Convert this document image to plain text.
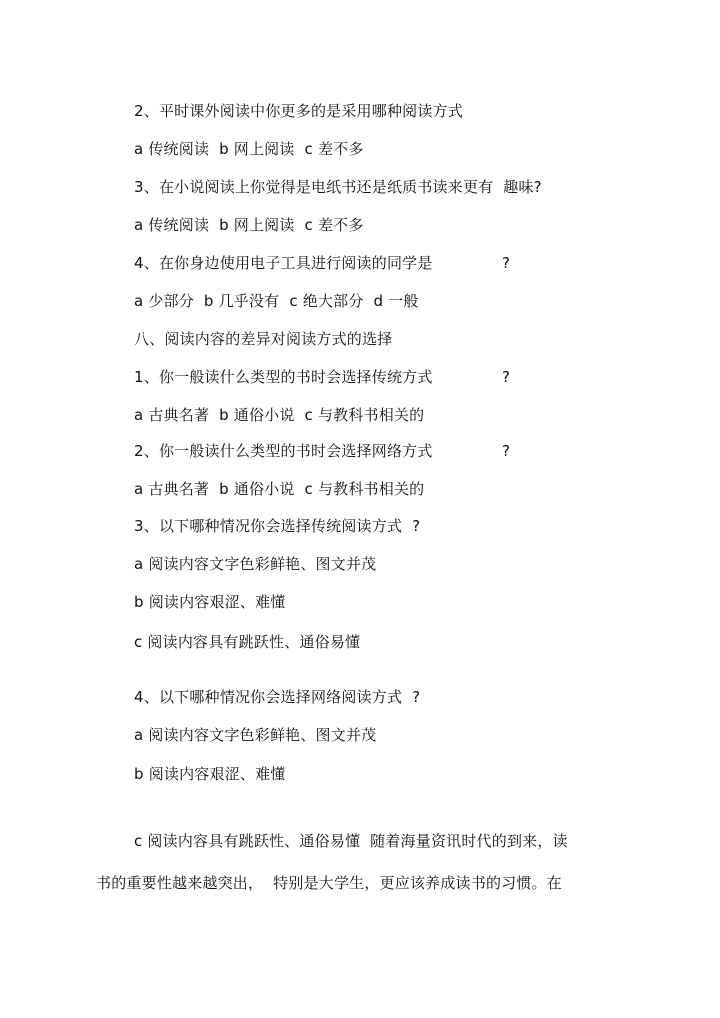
2、平时课外阅读中你更多的是采用哪种阅读方式
a 传统阅读  b 网上阅读  c 差不多
3、在小说阅读上你觉得是电纸书还是纸质书读来更有  趣味?
a 传统阅读  b 网上阅读  c 差不多
4、在你身边使用电子工具进行阅读的同学是	?
a 少部分  b 几乎没有  c 绝大部分  d 一般
八、阅读内容的差异对阅读方式的选择
1、你一般读什么类型的书时会选择传统方式	?
a 古典名著  b 通俗小说  c 与教科书相关的
2、你一般读什么类型的书时会选择网络方式	?
a 古典名著  b 通俗小说  c 与教科书相关的
3、以下哪种情况你会选择传统阅读方式  ?
a 阅读内容文字色彩鲜艳、图文并茂
b 阅读内容艰涩、难懂
c 阅读内容具有跳跃性、通俗易懂
4、以下哪种情况你会选择网络阅读方式  ?
a 阅读内容文字色彩鲜艳、图文并茂
b 阅读内容艰涩、难懂
c 阅读内容具有跳跃性、通俗易懂  随着海量资讯时代的到来，读
书的重要性越来越突出，  特别是大学生，更应该养成读书的习惯。在
